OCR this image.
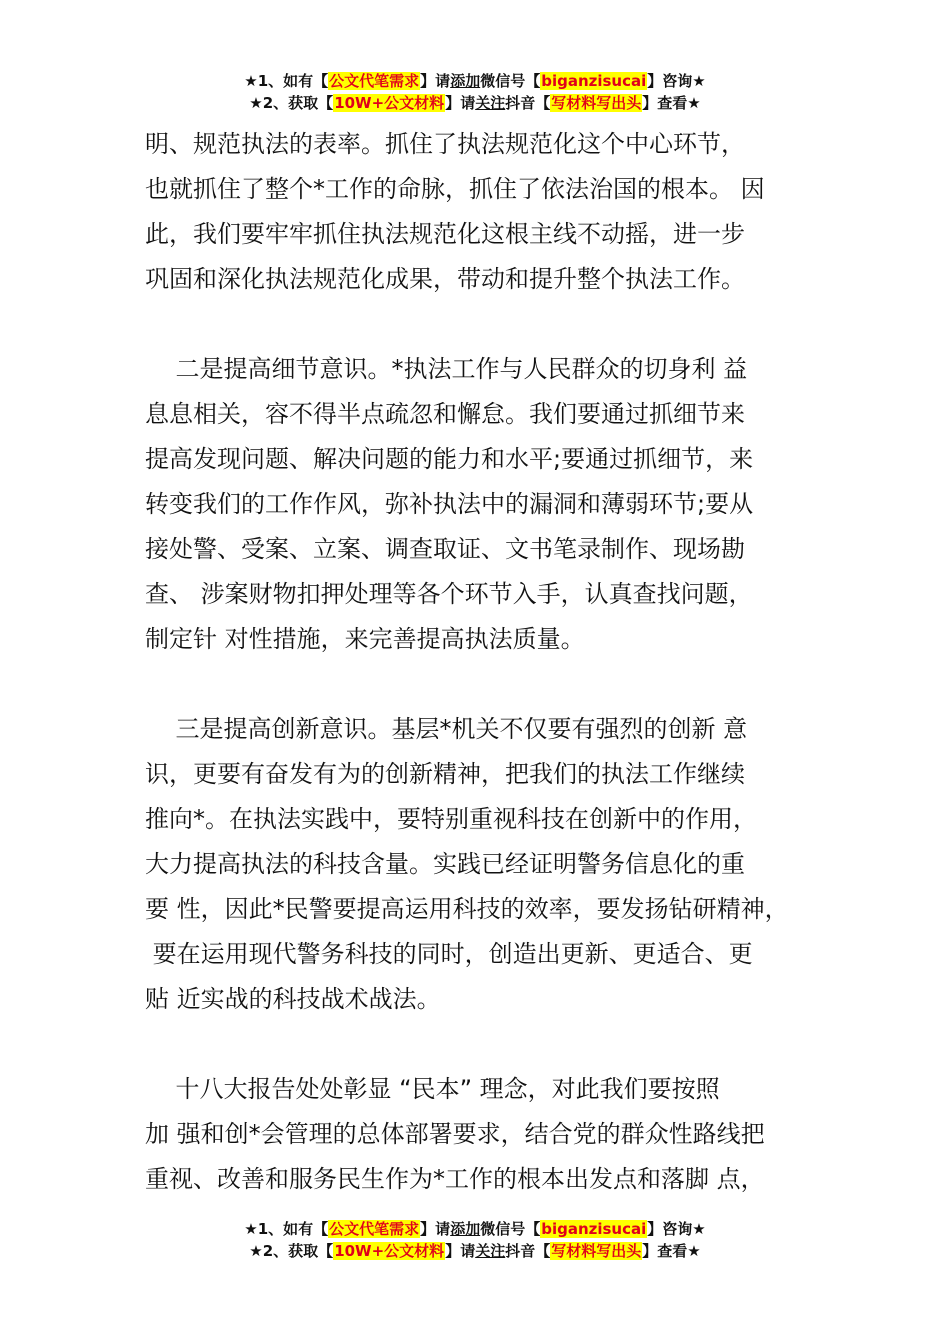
★1、如有【公文代笔需求】请添加微信号【biganzisucai】咨询★
★2、获取【10W+公文材料】请关注抖音【写材料写出头】查看★
明、规范执法的表率。抓住了执法规范化这个中心环节，
也就抓住了整个*工作的命脉，抓住了依法治国的根本。 因
此，我们要牢牢抓住执法规范化这根主线不动摇，进一步
巩固和深化执法规范化成果，带动和提升整个执法工作。
二是提高细节意识。*执法工作与人民群众的切身利 益
息息相关，容不得半点疏忽和懈怠。我们要通过抓细节来
提高发现问题、解决问题的能力和水平;要通过抓细节，来
转变我们的工作作风，弥补执法中的漏洞和薄弱环节;要从
接处警、受案、立案、调查取证、文书笔录制作、现场勘
查、 涉案财物扣押处理等各个环节入手，认真查找问题，
制定针 对性措施，来完善提高执法质量。
三是提高创新意识。基层*机关不仅要有强烈的创新 意
识，更要有奋发有为的创新精神，把我们的执法工作继续
推向*。在执法实践中，要特别重视科技在创新中的作用，
大力提高执法的科技含量。实践已经证明警务信息化的重
要 性，因此*民警要提高运用科技的效率，要发扬钻研精神，
要在运用现代警务科技的同时，创造出更新、更适合、更
贴 近实战的科技战术战法。
十八大报告处处彰显 “民本” 理念，对此我们要按照
加 强和创*会管理的总体部署要求，结合党的群众性路线把
重视、改善和服务民生作为*工作的根本出发点和落脚 点，
★1、如有【公文代笔需求】请添加微信号【biganzisucai】咨询★
★2、获取【10W+公文材料】请关注抖音【写材料写出头】查看★
